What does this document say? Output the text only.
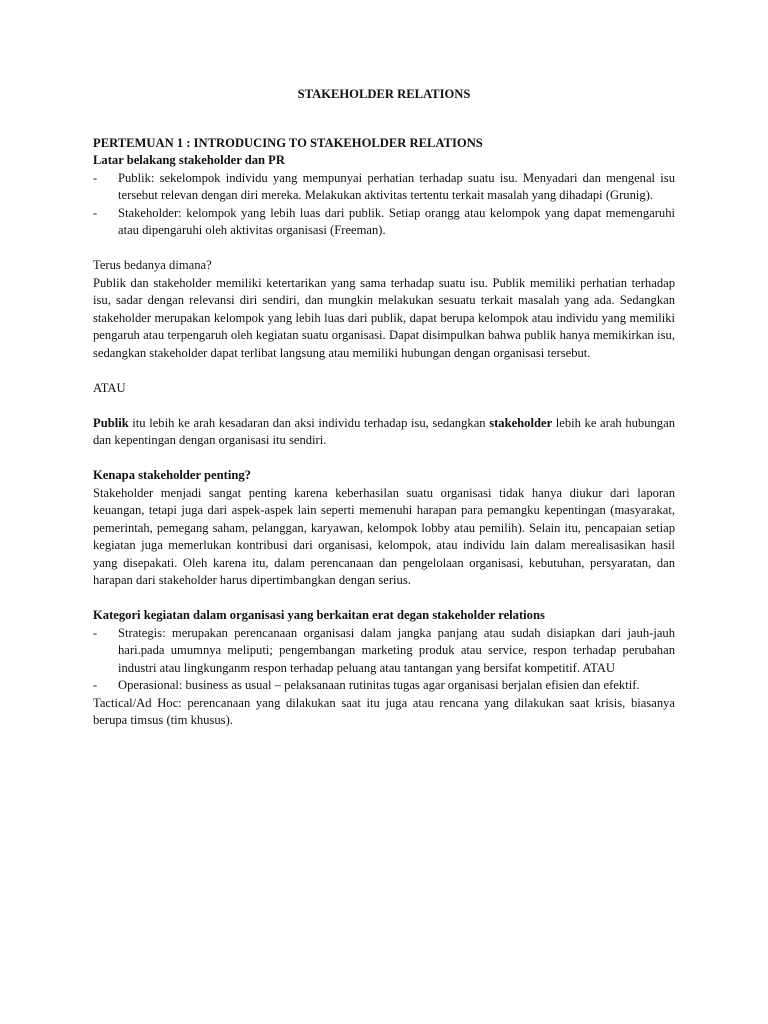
STAKEHOLDER RELATIONS
PERTEMUAN 1 : INTRODUCING TO STAKEHOLDER RELATIONS
Latar belakang stakeholder dan PR
- Publik: sekelompok individu yang mempunyai perhatian terhadap suatu isu. Menyadari dan mengenal isu tersebut relevan dengan diri mereka. Melakukan aktivitas tertentu terkait masalah yang dihadapi (Grunig).

- Stakeholder: kelompok yang lebih luas dari publik. Setiap orangg atau kelompok yang dapat memengaruhi atau dipengaruhi oleh aktivitas organisasi (Freeman).

Terus bedanya dimana?

Publik dan stakeholder memiliki ketertarikan yang sama terhadap suatu isu. Publik memiliki perhatian terhadap isu, sadar dengan relevansi diri sendiri, dan mungkin melakukan sesuatu terkait masalah yang ada. Sedangkan stakeholder merupakan kelompok yang lebih luas dari publik, dapat berupa kelompok atau individu yang memiliki pengaruh atau terpengaruh oleh kegiatan suatu organisasi. Dapat disimpulkan bahwa publik hanya memikirkan isu, sedangkan stakeholder dapat terlibat langsung atau memiliki hubungan dengan organisasi tersebut.

ATAU

Publik itu lebih ke arah kesadaran dan aksi individu terhadap isu, sedangkan stakeholder lebih ke arah hubungan dan kepentingan dengan organisasi itu sendiri.

Kenapa stakeholder penting?

Stakeholder menjadi sangat penting karena keberhasilan suatu organisasi tidak hanya diukur dari laporan keuangan, tetapi juga dari aspek-aspek lain seperti memenuhi harapan para pemangku kepentingan (masyarakat, pemerintah, pemegang saham, pelanggan, karyawan, kelompok lobby atau pemilih). Selain itu, pencapaian setiap kegiatan juga memerlukan kontribusi dari organisasi, kelompok, atau individu lain dalam merealisasikan hasil yang disepakati. Oleh karena itu, dalam perencanaan dan pengelolaan organisasi, kebutuhan, persyaratan, dan harapan dari stakeholder harus dipertimbangkan dengan serius.

Kategori kegiatan dalam organisasi yang berkaitan erat degan stakeholder relations
- Strategis: merupakan perencanaan organisasi dalam jangka panjang atau sudah disiapkan dari jauh-jauh hari.pada umumnya meliputi; pengembangan marketing produk atau service, respon terhadap perubahan industri atau lingkunganm respon terhadap peluang atau tantangan yang bersifat kompetitif. ATAU

- Operasional: business as usual – pelaksanaan rutinitas tugas agar organisasi berjalan efisien dan efektif.

Tactical/Ad Hoc: perencanaan yang dilakukan saat itu juga atau rencana yang dilakukan saat krisis, biasanya berupa timsus (tim khusus).
